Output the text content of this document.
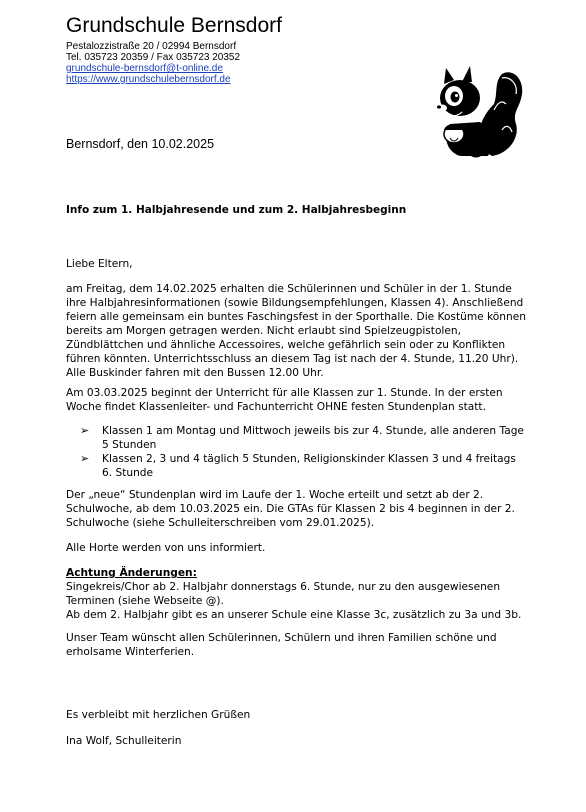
Grundschule Bernsdorf
Pestalozzistraße 20 / 02994 Bernsdorf
Tel. 035723 20359 / Fax 035723 20352
grundschule-bernsdorf@t-online.de
https://www.grundschulebernsdorf.de
Bernsdorf, den 10.02.2025
Info zum 1. Halbjahresende und zum 2. Halbjahresbeginn
Liebe Eltern,
am Freitag, dem 14.02.2025 erhalten die Schülerinnen und Schüler in der 1. Stunde ihre Halbjahresinformationen (sowie Bildungsempfehlungen, Klassen 4). Anschließend feiern alle gemeinsam ein buntes Faschingsfest in der Sporthalle. Die Kostüme können bereits am Morgen getragen werden. Nicht erlaubt sind Spielzeugpistolen, Zündblättchen und ähnliche Accessoires, welche gefährlich sein oder zu Konflikten führen könnten. Unterrichtsschluss an diesem Tag ist nach der 4. Stunde, 11.20 Uhr). Alle Buskinder fahren mit den Bussen 12.00 Uhr.
Am 03.03.2025 beginnt der Unterricht für alle Klassen zur 1. Stunde. In der ersten Woche findet Klassenleiter- und Fachunterricht OHNE festen Stundenplan statt.
➢ Klassen 1 am Montag und Mittwoch jeweils bis zur 4. Stunde, alle anderen Tage 5 Stunden
➢ Klassen 2, 3 und 4 täglich 5 Stunden, Religionskinder Klassen 3 und 4 freitags 6. Stunde
Der „neue“ Stundenplan wird im Laufe der 1. Woche erteilt und setzt ab der 2. Schulwoche, ab dem 10.03.2025 ein. Die GTAs für Klassen 2 bis 4 beginnen in der 2. Schulwoche (siehe Schulleiterschreiben vom 29.01.2025).
Alle Horte werden von uns informiert.
Achtung Änderungen:
Singekreis/Chor ab 2. Halbjahr donnerstags 6. Stunde, nur zu den ausgewiesenen Terminen (siehe Webseite @).
Ab dem 2. Halbjahr gibt es an unserer Schule eine Klasse 3c, zusätzlich zu 3a und 3b.
Unser Team wünscht allen Schülerinnen, Schülern und ihren Familien schöne und erholsame Winterferien.
Es verbleibt mit herzlichen Grüßen
Ina Wolf, Schulleiterin
